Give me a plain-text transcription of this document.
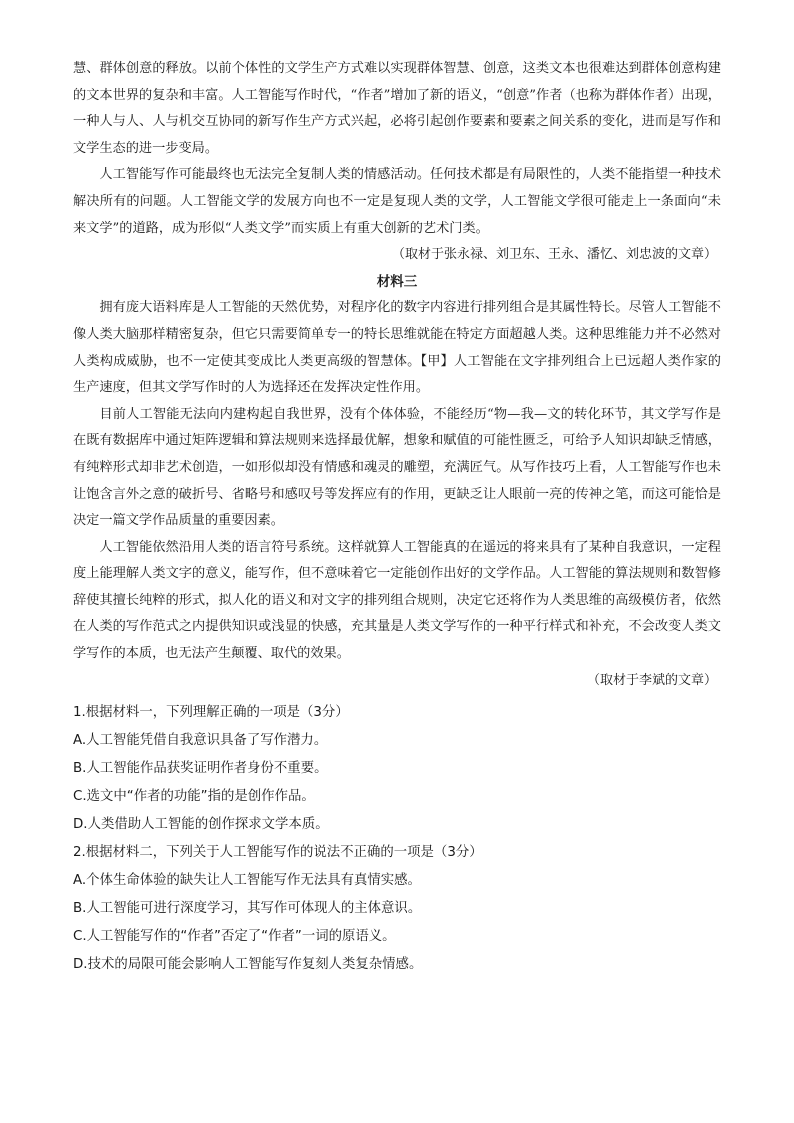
慧、群体创意的释放。以前个体性的文学生产方式难以实现群体智慧、创意，这类文本也很难达到群体创意构建的文本世界的复杂和丰富。人工智能写作时代，“作者”增加了新的语义，“创意”作者（也称为群体作者）出现，一种人与人、人与机交互协同的新写作生产方式兴起，必将引起创作要素和要素之间关系的变化，进而是写作和文学生态的进一步变局。

人工智能写作可能最终也无法完全复制人类的情感活动。任何技术都是有局限性的，人类不能指望一种技术解决所有的问题。人工智能文学的发展方向也不一定是复现人类的文学，人工智能文学很可能走上一条面向“未来文学”的道路，成为形似“人类文学”而实质上有重大创新的艺术门类。

（取材于张永禄、刘卫东、王永、潘忆、刘忠波的文章）

材料三

拥有庞大语料库是人工智能的天然优势，对程序化的数字内容进行排列组合是其属性特长。尽管人工智能不像人类大脑那样精密复杂，但它只需要简单专一的特长思维就能在特定方面超越人类。这种思维能力并不必然对人类构成威胁，也不一定使其变成比人类更高级的智慧体。【甲】人工智能在文字排列组合上已远超人类作家的生产速度，但其文学写作时的人为选择还在发挥决定性作用。

目前人工智能无法向内建构起自我世界，没有个体体验，不能经历“物—我—文的转化环节，其文学写作是在既有数据库中通过矩阵逻辑和算法规则来选择最优解，想象和赋值的可能性匮乏，可给予人知识却缺乏情感，有纯粹形式却非艺术创造，一如形似却没有情感和魂灵的雕塑，充满匠气。从写作技巧上看，人工智能写作也未让饱含言外之意的破折号、省略号和感叹号等发挥应有的作用，更缺乏让人眼前一亮的传神之笔，而这可能恰是决定一篇文学作品质量的重要因素。

人工智能依然沿用人类的语言符号系统。这样就算人工智能真的在遥远的将来具有了某种自我意识，一定程度上能理解人类文字的意义，能写作，但不意味着它一定能创作出好的文学作品。人工智能的算法规则和数智修辞使其擅长纯粹的形式，拟人化的语义和对文字的排列组合规则，决定它还将作为人类思维的高级模仿者，依然在人类的写作范式之内提供知识或浅显的快感，充其量是人类文学写作的一种平行样式和补充，不会改变人类文学写作的本质，也无法产生颠覆、取代的效果。

（取材于李斌的文章）

1.根据材料一，下列理解正确的一项是（3分）

A.人工智能凭借自我意识具备了写作潜力。

B.人工智能作品获奖证明作者身份不重要。

C.选文中“作者的功能”指的是创作作品。

D.人类借助人工智能的创作探求文学本质。

2.根据材料二，下列关于人工智能写作的说法不正确的一项是（3分）

A.个体生命体验的缺失让人工智能写作无法具有真情实感。

B.人工智能可进行深度学习，其写作可体现人的主体意识。

C.人工智能写作的“作者”否定了“作者”一词的原语义。

D.技术的局限可能会影响人工智能写作复刻人类复杂情感。
